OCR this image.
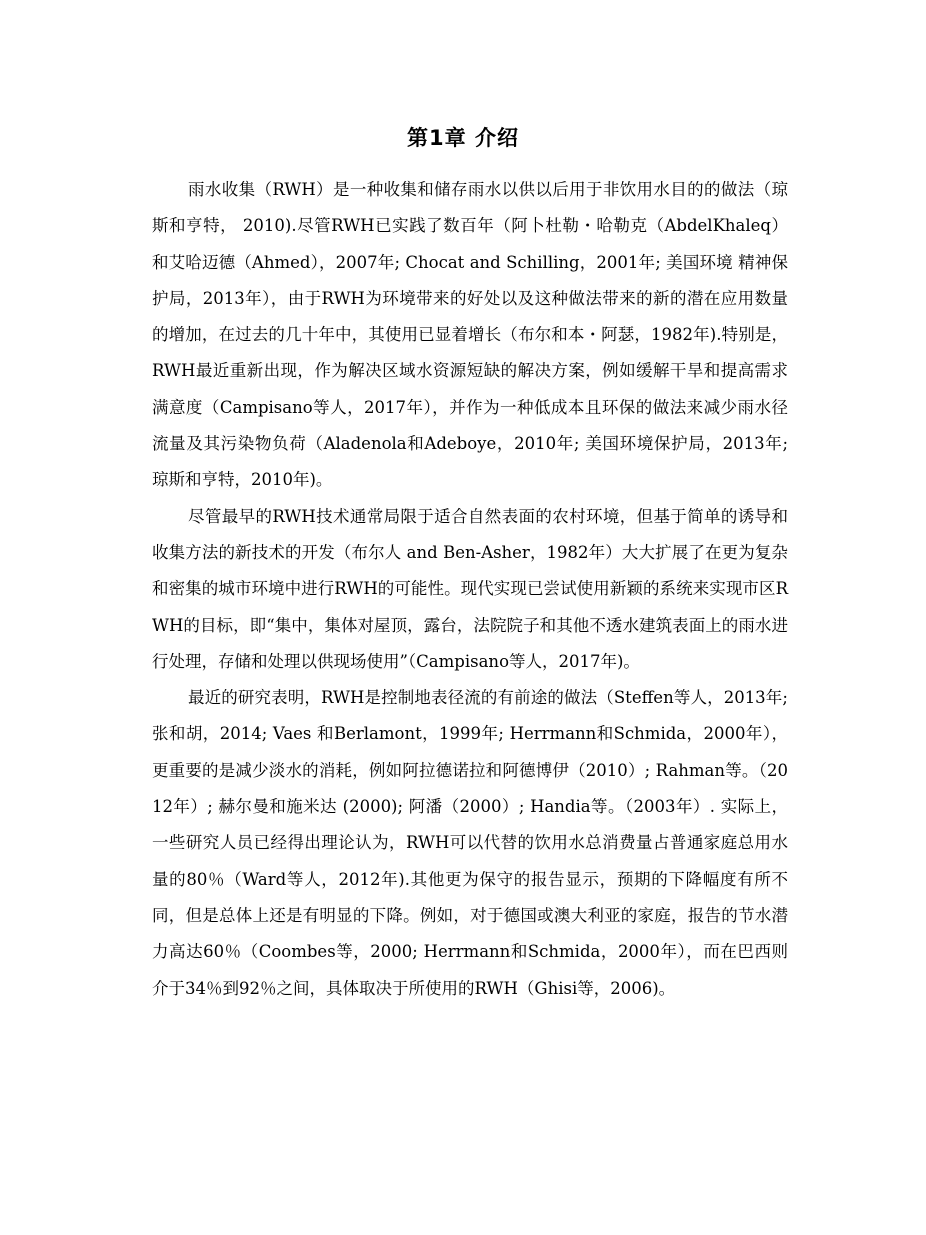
第1章 介绍

雨水收集（RWH）是一种收集和储存雨水以供以后用于非饮用水目的的做法（琼斯和亨特， 2010).尽管RWH已实践了数百年（阿卜杜勒・哈勒克（AbdelKhaleq） 和艾哈迈德（Ahmed），2007年; Chocat and Schilling，2001年; 美国环境 精神保护局，2013年），由于RWH为环境带来的好处以及这种做法带来的新的潜在应用数量的增加，在过去的几十年中，其使用已显着增长（布尔和本・阿瑟，1982年).特别是，RWH最近重新出现，作为解决区域水资源短缺的解决方案，例如缓解干旱和提高需求满意度（Campisano等人，2017年），并作为一种低成本且环保的做法来减少雨水径流量及其污染物负荷（Aladenola和Adeboye，2010年; 美国环境保护局，2013年; 琼斯和亨特，2010年)。

尽管最早的RWH技术通常局限于适合自然表面的农村环境，但基于简单的诱导和收集方法的新技术的开发（布尔人 and Ben-Asher，1982年）大大扩展了在更为复杂和密集的城市环境中进行RWH的可能性。现代实现已尝试使用新颖的系统来实现市区RWH的目标，即“集中，集体对屋顶，露台，法院院子和其他不透水建筑表面上的雨水进行处理，存储和处理以供现场使用”（Campisano等人，2017年)。

最近的研究表明，RWH是控制地表径流的有前途的做法（Steffen等人，2013年; 张和胡，2014; Vaes 和Berlamont，1999年; Herrmann和Schmida，2000年），更重要的是减少淡水的消耗，例如阿拉德诺拉和阿德博伊（2010）; Rahman等。（2012年）; 赫尔曼和施米达 (2000); 阿潘（2000）; Handia等。（2003年）. 实际上，一些研究人员已经得出理论认为，RWH可以代替的饮用水总消费量占普通家庭总用水量的80％（Ward等人，2012年).其他更为保守的报告显示，预期的下降幅度有所不同，但是总体上还是有明显的下降。例如，对于德国或澳大利亚的家庭，报告的节水潜力高达60％（Coombes等，2000; Herrmann和Schmida，2000年），而在巴西则介于34％到92％之间，具体取决于所使用的RWH（Ghisi等，2006)。
